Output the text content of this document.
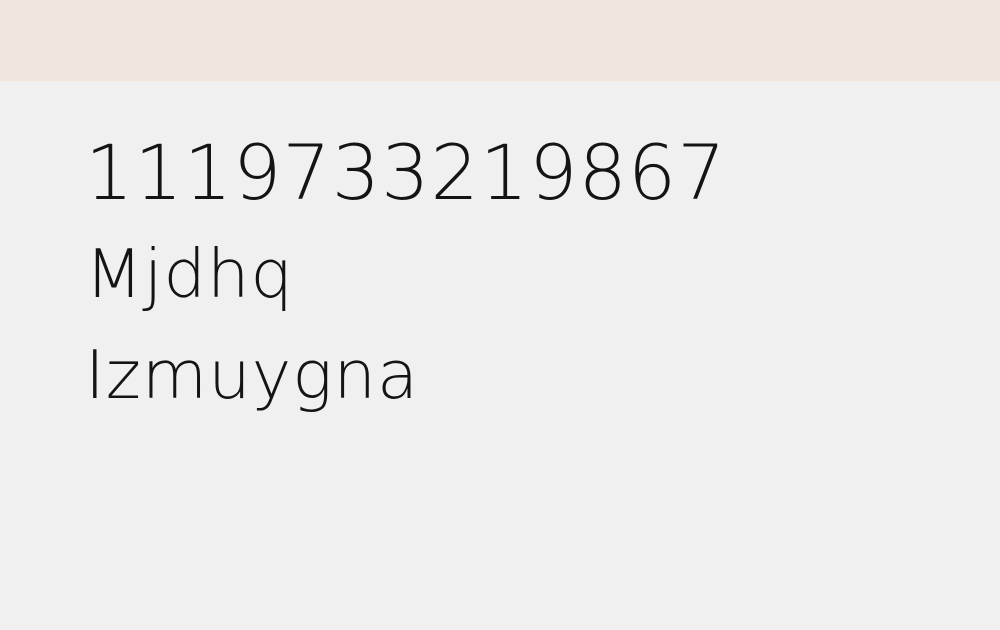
1119733219867
Mjdhq
Izmuygna
